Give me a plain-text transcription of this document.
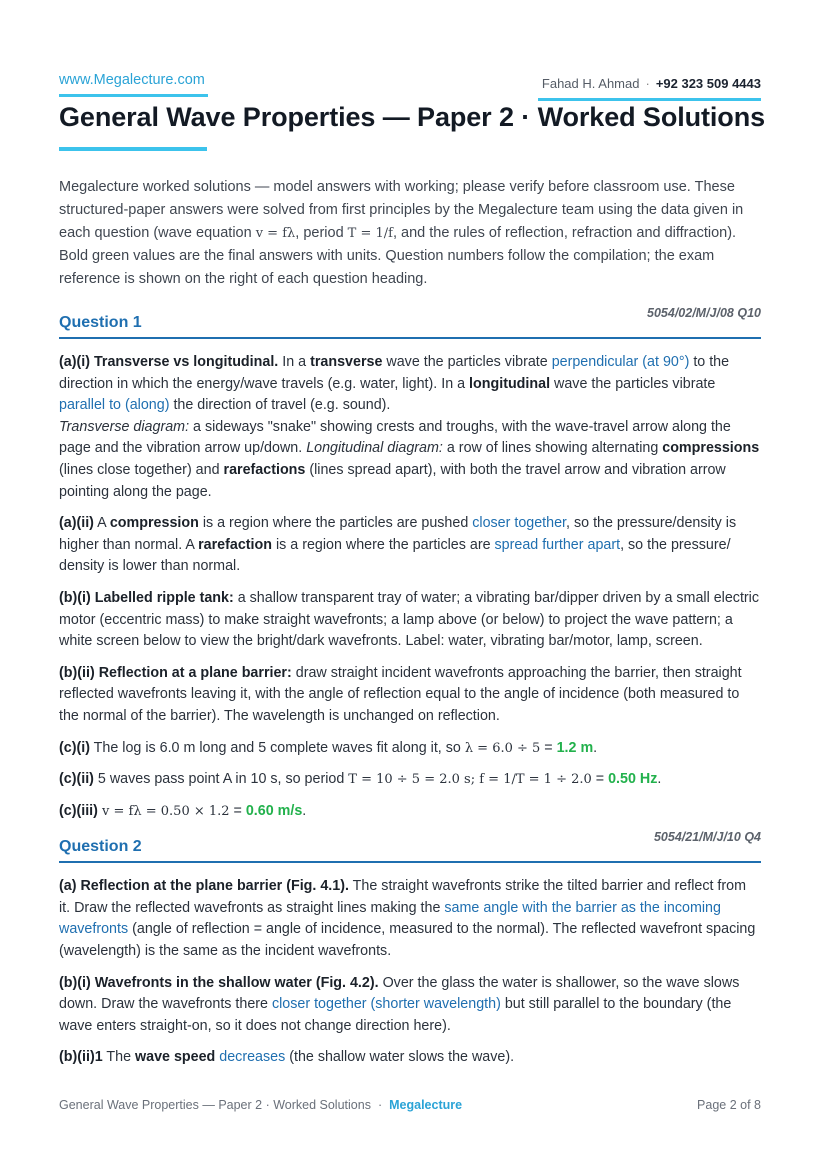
www.Megalecture.com	Fahad H. Ahmad · +92 323 509 4443
General Wave Properties — Paper 2 · Worked Solutions

Megalecture worked solutions — model answers with working; please verify before classroom use. These structured-paper answers were solved from first principles by the Megalecture team using the data given in each question (wave equation v = fλ, period T = 1/f, and the rules of reflection, refraction and diffraction). Bold green values are the final answers with units. Question numbers follow the compilation; the exam reference is shown on the right of each question heading.

Question 1
5054/02/M/J/08 Q10

(a)(i) Transverse vs longitudinal. In a transverse wave the particles vibrate perpendicular (at 90°) to the direction in which the energy/wave travels (e.g. water, light). In a longitudinal wave the particles vibrate parallel to (along) the direction of travel (e.g. sound).
Transverse diagram: a sideways "snake" showing crests and troughs, with the wave-travel arrow along the page and the vibration arrow up/down. Longitudinal diagram: a row of lines showing alternating compressions (lines close together) and rarefactions (lines spread apart), with both the travel arrow and vibration arrow pointing along the page.

(a)(ii) A compression is a region where the particles are pushed closer together, so the pressure/density is higher than normal. A rarefaction is a region where the particles are spread further apart, so the pressure/ density is lower than normal.

(b)(i) Labelled ripple tank: a shallow transparent tray of water; a vibrating bar/dipper driven by a small electric motor (eccentric mass) to make straight wavefronts; a lamp above (or below) to project the wave pattern; a white screen below to view the bright/dark wavefronts. Label: water, vibrating bar/motor, lamp, screen.

(b)(ii) Reflection at a plane barrier: draw straight incident wavefronts approaching the barrier, then straight reflected wavefronts leaving it, with the angle of reflection equal to the angle of incidence (both measured to the normal of the barrier). The wavelength is unchanged on reflection.

(c)(i) The log is 6.0 m long and 5 complete waves fit along it, so λ = 6.0 ÷ 5 = 1.2 m.

(c)(ii) 5 waves pass point A in 10 s, so period T = 10 ÷ 5 = 2.0 s; f = 1/T = 1 ÷ 2.0 = 0.50 Hz.

(c)(iii) v = fλ = 0.50 × 1.2 = 0.60 m/s.

Question 2
5054/21/M/J/10 Q4

(a) Reflection at the plane barrier (Fig. 4.1). The straight wavefronts strike the tilted barrier and reflect from it. Draw the reflected wavefronts as straight lines making the same angle with the barrier as the incoming wavefronts (angle of reflection = angle of incidence, measured to the normal). The reflected wavefront spacing (wavelength) is the same as the incident wavefronts.

(b)(i) Wavefronts in the shallow water (Fig. 4.2). Over the glass the water is shallower, so the wave slows down. Draw the wavefronts there closer together (shorter wavelength) but still parallel to the boundary (the wave enters straight-on, so it does not change direction here).

(b)(ii)1 The wave speed decreases (the shallow water slows the wave).

General Wave Properties — Paper 2 · Worked Solutions · Megalecture	Page 2 of 8
